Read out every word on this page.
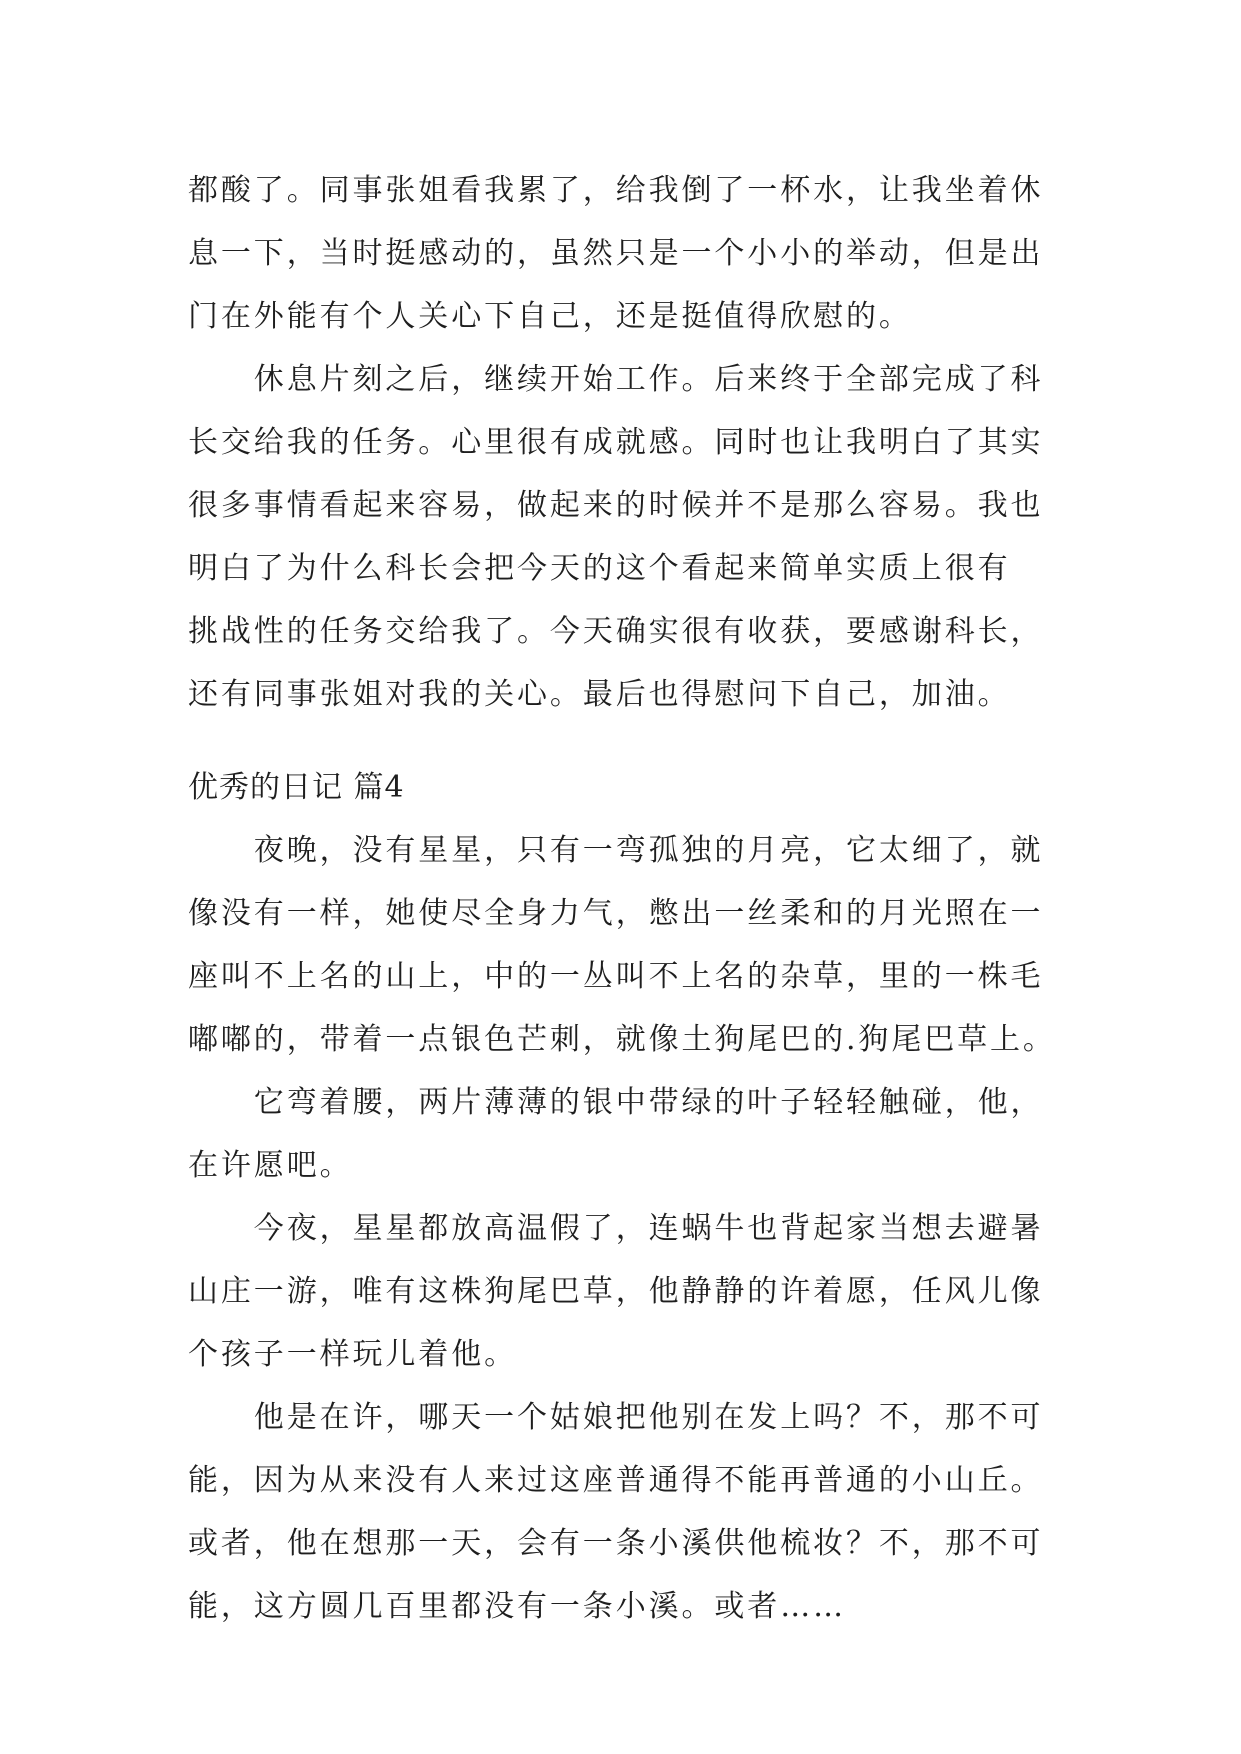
都酸了。同事张姐看我累了，给我倒了一杯水，让我坐着休
息一下，当时挺感动的，虽然只是一个小小的举动，但是出
门在外能有个人关心下自己，还是挺值得欣慰的。
　　休息片刻之后，继续开始工作。后来终于全部完成了科
长交给我的任务。心里很有成就感。同时也让我明白了其实
很多事情看起来容易，做起来的时候并不是那么容易。我也
明白了为什么科长会把今天的这个看起来简单实质上很有
挑战性的任务交给我了。今天确实很有收获，要感谢科长，
还有同事张姐对我的关心。最后也得慰问下自己，加油。
优秀的日记 篇4
　　夜晚，没有星星，只有一弯孤独的月亮，它太细了，就
像没有一样，她使尽全身力气，憋出一丝柔和的月光照在一
座叫不上名的山上，中的一丛叫不上名的杂草，里的一株毛
嘟嘟的，带着一点银色芒刺，就像土狗尾巴的.狗尾巴草上。
　　它弯着腰，两片薄薄的银中带绿的叶子轻轻触碰，他，
在许愿吧。
　　今夜，星星都放高温假了，连蜗牛也背起家当想去避暑
山庄一游，唯有这株狗尾巴草，他静静的许着愿，任风儿像
个孩子一样玩儿着他。
　　他是在许，哪天一个姑娘把他别在发上吗？不，那不可
能，因为从来没有人来过这座普通得不能再普通的小山丘。
或者，他在想那一天，会有一条小溪供他梳妆？不，那不可
能，这方圆几百里都没有一条小溪。或者……
